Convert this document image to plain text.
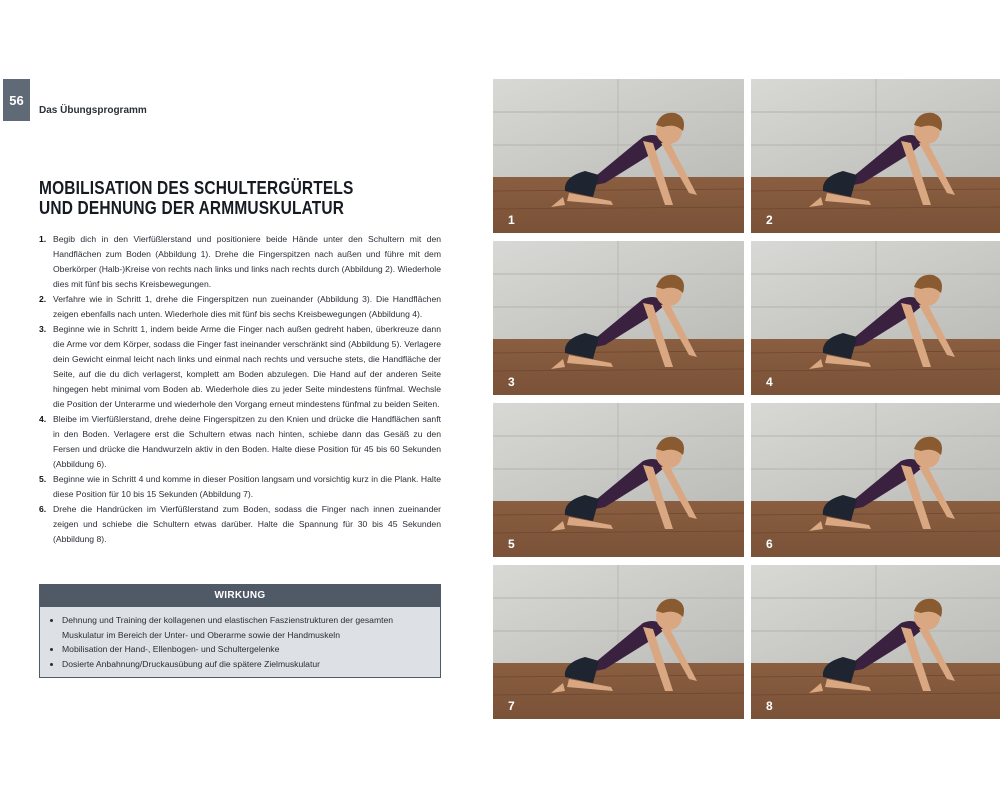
56
Das Übungsprogramm
MOBILISATION DES SCHULTERGÜRTELS UND DEHNUNG DER ARMMUSKULATUR
1. Begib dich in den Vierfüßlerstand und positioniere beide Hände unter den Schultern mit den Handflächen zum Boden (Abbildung 1). Drehe die Fingerspitzen nach außen und führe mit dem Oberkörper (Halb-)Kreise von rechts nach links und links nach rechts durch (Abbildung 2). Wiederhole dies mit fünf bis sechs Kreisbewegungen.
2. Verfahre wie in Schritt 1, drehe die Fingerspitzen nun zueinander (Abbildung 3). Die Handflächen zeigen ebenfalls nach unten. Wiederhole dies mit fünf bis sechs Kreisbewegungen (Abbildung 4).
3. Beginne wie in Schritt 1, indem beide Arme die Finger nach außen gedreht haben, überkreuze dann die Arme vor dem Körper, sodass die Finger fast ineinander verschränkt sind (Abbildung 5). Verlagere dein Gewicht einmal leicht nach links und einmal nach rechts und versuche stets, die Handfläche der Seite, auf die du dich verlagerst, komplett am Boden abzulegen. Die Hand auf der anderen Seite hingegen hebt minimal vom Boden ab. Wiederhole dies zu jeder Seite mindestens fünfmal. Wechsle die Position der Unterarme und wiederhole den Vorgang erneut mindestens fünfmal zu beiden Seiten.
4. Bleibe im Vierfüßlerstand, drehe deine Fingerspitzen zu den Knien und drücke die Handflächen sanft in den Boden. Verlagere erst die Schultern etwas nach hinten, schiebe dann das Gesäß zu den Fersen und drücke die Handwurzeln aktiv in den Boden. Halte diese Position für 45 bis 60 Sekunden (Abbildung 6).
5. Beginne wie in Schritt 4 und komme in dieser Position langsam und vorsichtig kurz in die Plank. Halte diese Position für 10 bis 15 Sekunden (Abbildung 7).
6. Drehe die Handrücken im Vierfüßlerstand zum Boden, sodass die Finger nach innen zueinander zeigen und schiebe die Schultern etwas darüber. Halte die Spannung für 30 bis 45 Sekunden (Abbildung 8).
WIRKUNG
• Dehnung und Training der kollagenen und elastischen Faszienstrukturen der gesamten Muskulatur im Bereich der Unter- und Oberarme sowie der Handmuskeln
• Mobilisation der Hand-, Ellenbogen- und Schultergelenke
• Dosierte Anbahnung/Druckausübung auf die spätere Zielmuskulatur
1	2
3	4
5	6
7	8
